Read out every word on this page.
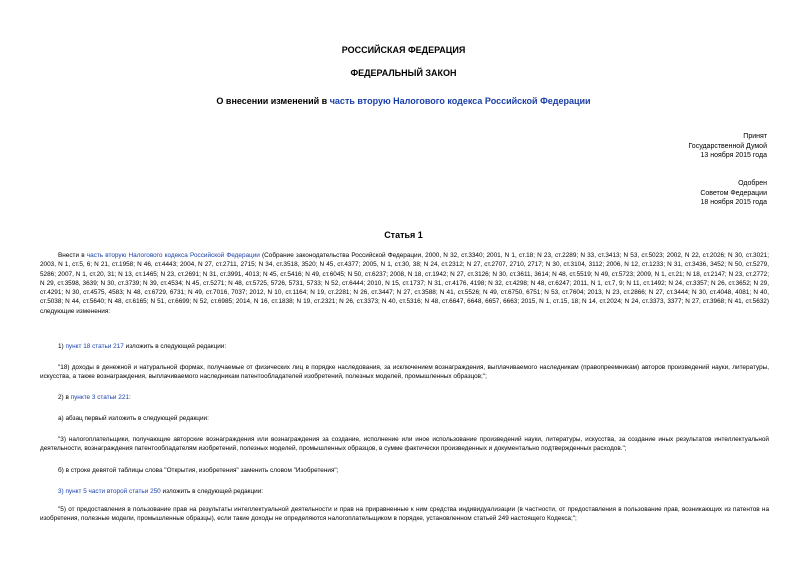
РОССИЙСКАЯ ФЕДЕРАЦИЯ
ФЕДЕРАЛЬНЫЙ ЗАКОН
О внесении изменений в часть вторую Налогового кодекса Российской Федерации
Принят
Государственной Думой
13 ноября 2015 года
Одобрен
Советом Федерации
18 ноября 2015 года
Статья 1
Внести в часть вторую Налогового кодекса Российской Федерации (Собрание законодательства Российской Федерации, 2000, N 32, ст.3340; 2001, N 1, ст.18; N 23, ст.2289; N 33, ст.3413; N 53, ст.5023; 2002, N 22, ст.2026; N 30, ст.3021; 2003, N 1, ст.5, 6; N 21, ст.1958; N 46, ст.4443; 2004, N 27, ст.2711, 2715; N 34, ст.3518, 3520; N 45, ст.4377; 2005, N 1, ст.30, 38; N 24, ст.2312; N 27, ст.2707, 2710, 2717; N 30, ст.3104, 3112; 2006, N 12, ст.1233; N 31, ст.3436, 3452; N 50, ст.5279, 5286; 2007, N 1, ст.20, 31; N 13, ст.1465; N 23, ст.2691; N 31, ст.3991, 4013; N 45, ст.5416; N 49, ст.6045; N 50, ст.6237; 2008, N 18, ст.1942; N 27, ст.3126; N 30, ст.3611, 3614; N 48, ст.5519; N 49, ст.5723; 2009, N 1, ст.21; N 18, ст.2147; N 23, ст.2772; N 29, ст.3598, 3639; N 30, ст.3739; N 39, ст.4534; N 45, ст.5271; N 48, ст.5725, 5726, 5731, 5733; N 52, ст.6444; 2010, N 15, ст.1737; N 31, ст.4176, 4198; N 32, ст.4298; N 48, ст.6247; 2011, N 1, ст.7, 9; N 11, ст.1492; N 24, ст.3357; N 26, ст.3652; N 29, ст.4291; N 30, ст.4575, 4583; N 48, ст.6729, 6731; N 49, ст.7016, 7037; 2012, N 10, ст.1164; N 19, ст.2281; N 26, ст.3447; N 27, ст.3588; N 41, ст.5526; N 49, ст.6750, 6751; N 53, ст.7604; 2013, N 23, ст.2866; N 27, ст.3444; N 30, ст.4048, 4081; N 40, ст.5038; N 44, ст.5640; N 48, ст.6165; N 51, ст.6699; N 52, ст.6985; 2014, N 16, ст.1838; N 19, ст.2321; N 26, ст.3373; N 40, ст.5316; N 48, ст.6647, 6648, 6657, 6663; 2015, N 1, ст.15, 18; N 14, ст.2024; N 24, ст.3373, 3377; N 27, ст.3968; N 41, ст.5632) следующие изменения:
1) пункт 18 статьи 217 изложить в следующей редакции:
"18) доходы в денежной и натуральной формах, получаемые от физических лиц в порядке наследования, за исключением вознаграждения, выплачиваемого наследникам (правопреемникам) авторов произведений науки, литературы, искусства, а также вознаграждения, выплачиваемого наследникам патентообладателей изобретений, полезных моделей, промышленных образцов;";
2) в пункте 3 статьи 221:
а) абзац первый изложить в следующей редакции:
"3) налогоплательщики, получающие авторские вознаграждения или вознаграждения за создание, исполнение или иное использование произведений науки, литературы, искусства, за создание иных результатов интеллектуальной деятельности, вознаграждения патентообладателям изобретений, полезных моделей, промышленных образцов, в сумме фактически произведенных и документально подтвержденных расходов.";
б) в строке девятой таблицы слова "Открытия, изобретения" заменить словом "Изобретения";
3) пункт 5 части второй статьи 250 изложить в следующей редакции:
"5) от предоставления в пользование прав на результаты интеллектуальной деятельности и прав на приравненные к ним средства индивидуализации (в частности, от предоставления в пользование прав, возникающих из патентов на изобретения, полезные модели, промышленные образцы), если такие доходы не определяются налогоплательщиком в порядке, установленном статьей 249 настоящего Кодекса;";
